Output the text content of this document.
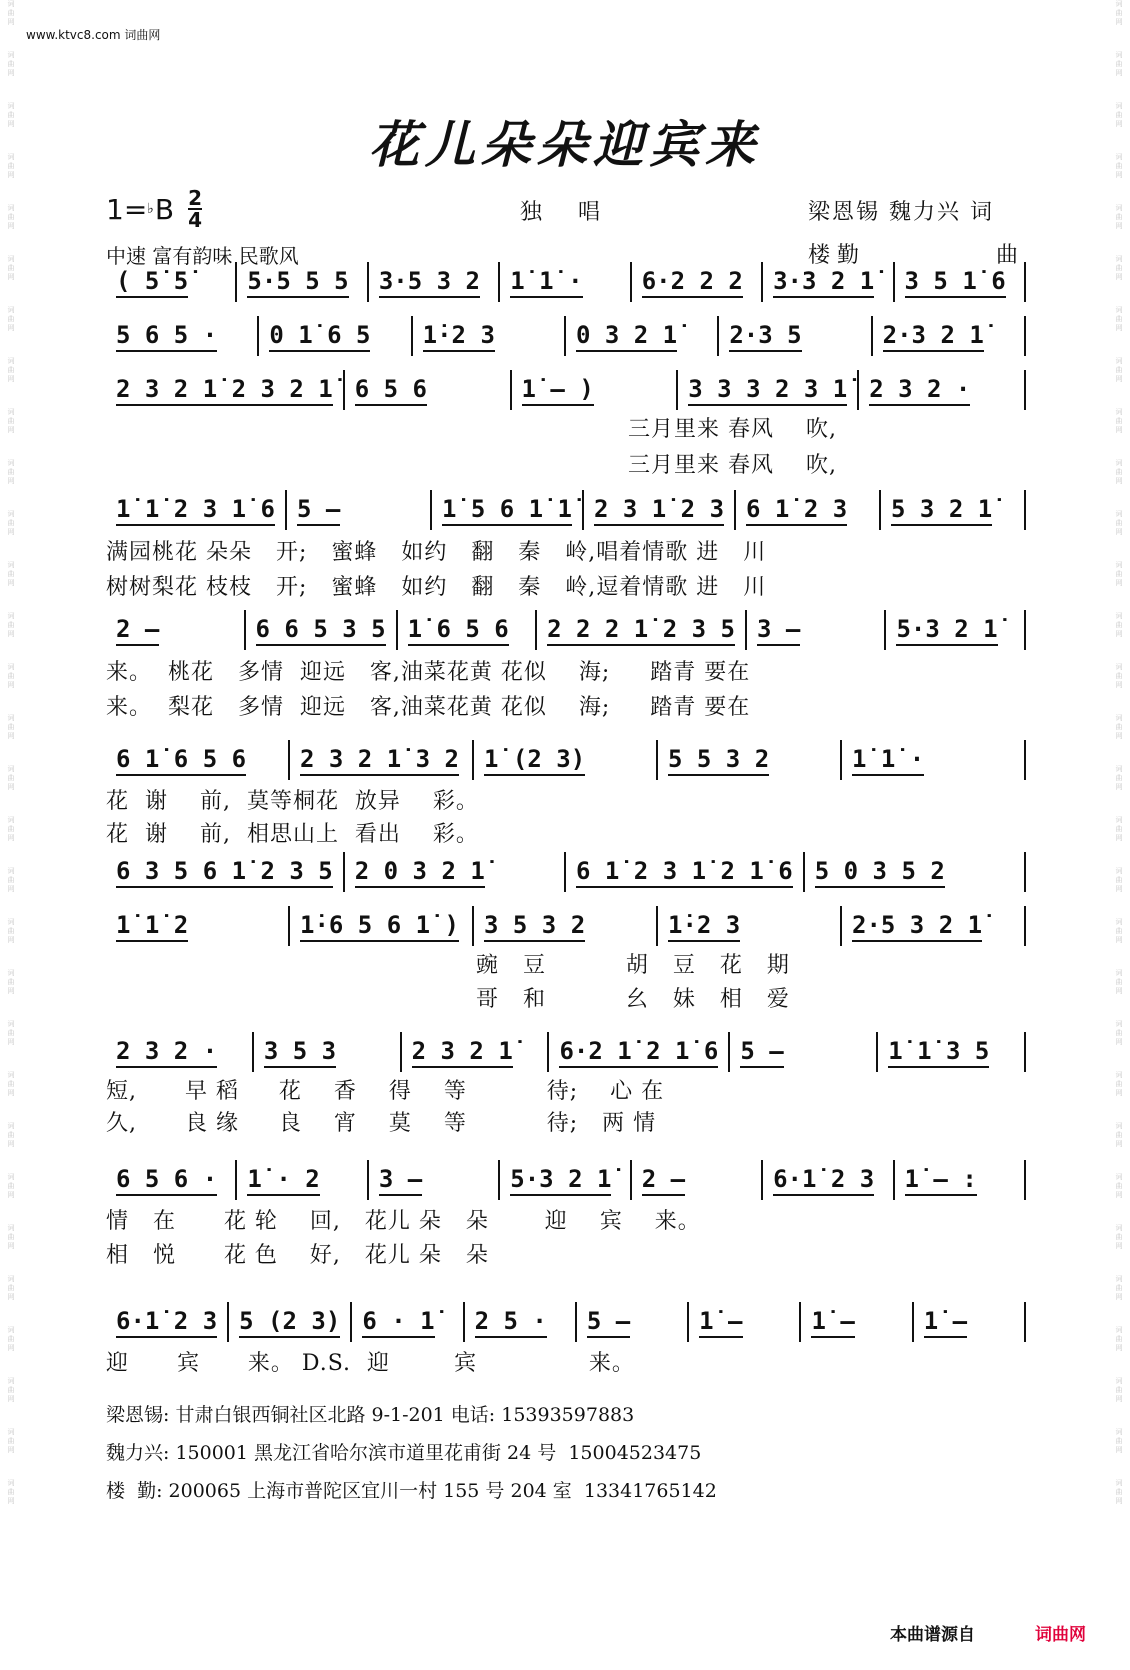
词
曲
网
词
曲
网
词
曲
网
词
曲
网
词
曲
网
词
曲
网
词
曲
网
词
曲
网
词
曲
网
词
曲
网
词
曲
网
词
曲
网
词
曲
网
词
曲
网
词
曲
网
词
曲
网
词
曲
网
词
曲
网
词
曲
网
词
曲
网
词
曲
网
词
曲
网
词
曲
网
词
曲
网
词
曲
网
词
曲
网
词
曲
网
词
曲
网
词
曲
网
词
曲
网
词
曲
网
词
曲
网
词
曲
网
词
曲
网
词
曲
网
词
曲
网
词
曲
网
词
曲
网
词
曲
网
词
曲
网
词
曲
网
词
曲
网
词
曲
网
词
曲
网
词
曲
网
词
曲
网
词
曲
网
词
曲
网
词
曲
网
词
曲
网
词
曲
网
词
曲
网
词
曲
网
词
曲
网
词
曲
网
词
曲
网
词
曲
网
词
曲
网
词
曲
网
词
曲
网
www.ktvc8.com 词曲网
花儿朵朵迎宾来
1= ♭ B 2
4	独唱	梁恩锡 魏力兴 词
中速 富有韵味 民歌风	楼 勤	曲
( 5̇ 5̇ 5·5 5 5 3·5 3 2 1̇ 1̇ · 6·2 2 2 3·3 2 1̇ 3 5 1̇ 6
5 6 5 · 0 1̇ 6 5 1̇·2 3	0 3 2 1̇ 2·3 5	2·3 2 1̇
2 3 2 1̇ 2 3 2 1̇ 6 5 6	1̇ – )	3 3 3 2 3 1̇ 2 3 2 ·
1̇ 1̇ 2 3 1̇ 6 5 –	1̇ 5 6 1̇ 1̇ 2 3 1̇ 2 3 6 1̇ 2 3 5 3 2 1̇
2 –	6 6 5 3 5 1̇ 6 5 6 2 2 2 1̇ 2 3 5 3 –	5·3 2 1̇
6 1̇ 6 5 6 2 3 2 1̇ 3 2 1̇ (2 3)	5 5 3 2	1̇ 1̇ ·
6 3 5 6 1̇ 2 3 5 2 0 3 2 1̇	6 1̇ 2 3 1̇ 2 1̇ 6 5 0 3 5 2
1̇ 1̇ 2	1̇·6 5 6 1̇ ) 3 5 3 2	1̇·2 3	2·5 3 2 1̇
2 3 2 · 3 5 3	2 3 2 1̇ 6·2 1̇ 2 1̇ 6 5 –	1̇ 1̇ 3 5
6 5 6 · 1̇ · 2 3 –	5·3 2 1̇ 2 –	6·1̇ 2 3 1̇ – :
6·1̇ 2 3 5 (2 3) 6 · 1̇ 2 5 · 5 –	1̇ –	1̇ –	1̇ –
三月里来 春风    吹,
三月里来 春风    吹,
满园桃花 朵朵   开;   蜜蜂   如约   翻   秦   岭,唱着情歌 进   川
树树梨花 枝枝   开;   蜜蜂   如约   翻   秦   岭,逗着情歌 进   川
来。  桃花   多情  迎远   客,油菜花黄 花似    海;     踏青 要在
来。  梨花   多情  迎远   客,油菜花黄 花似    海;     踏青 要在
花  谢    前,  莫等桐花  放异    彩。
花  谢    前,  相思山上  看出    彩。
豌   豆          胡   豆   花   期
哥   和          幺   妹   相   爱
短,      早 稻     花    香    得    等          待;    心 在
久,      良 缘     良    宵    莫    等          待;   两 情
情   在      花 轮    回,   花儿 朵   朵       迎    宾    来。
相   悦      花 色    好,   花儿 朵   朵
迎      宾      来。 D.S.  迎        宾              来。
梁恩锡: 甘肃白银西铜社区北路 9-1-201 电话: 15393597883
魏力兴: 150001 黑龙江省哈尔滨市道里花甫街 24 号  15004523475
楼  勤: 200065 上海市普陀区宜川一村 155 号 204 室  13341765142
本曲谱源自	词曲网
